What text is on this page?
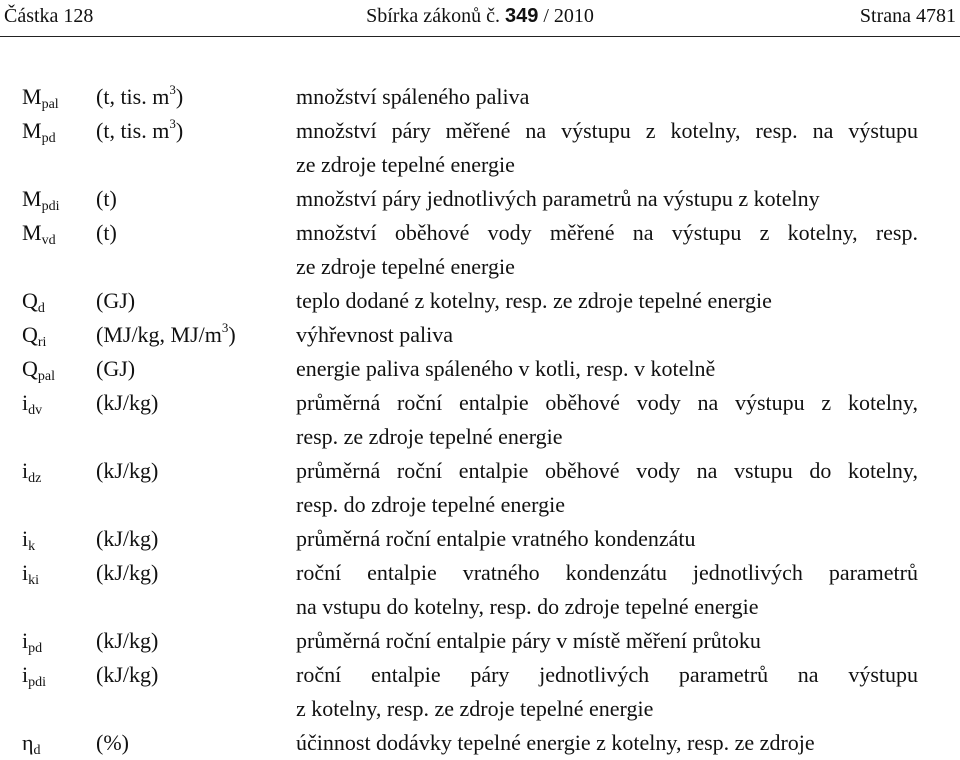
Částka 128	Sbírka zákonů č. 349 / 2010	Strana 4781
$M_{pal}$	(t, tis. $m^3$)	množství spáleného paliva
$M_{pd}$	(t, tis. $m^3$)	množství páry měřené na výstupu z kotelny, resp. na výstupu
ze zdroje tepelné energie
$M_{pdi}$	(t)	množství páry jednotlivých parametrů na výstupu z kotelny
$M_{vd}$	(t)	množství oběhové vody měřené na výstupu z kotelny, resp.
ze zdroje tepelné energie
$Q_d$	(GJ)	teplo dodané z kotelny, resp. ze zdroje tepelné energie
$Q_{ri}$	(MJ/kg, $MJ/m^3$)	výhřevnost paliva
$Q_{pal}$	(GJ)	energie paliva spáleného v kotli, resp. v kotelně
$i_{dv}$	(kJ/kg)	průměrná roční entalpie oběhové vody na výstupu z kotelny,
resp. ze zdroje tepelné energie
$i_{dz}$	(kJ/kg)	průměrná roční entalpie oběhové vody na vstupu do kotelny,
resp. do zdroje tepelné energie
$i_k$	(kJ/kg)	průměrná roční entalpie vratného kondenzátu
$i_{ki}$	(kJ/kg)	roční entalpie vratného kondenzátu jednotlivých parametrů
na vstupu do kotelny, resp. do zdroje tepelné energie
$i_{pd}$	(kJ/kg)	průměrná roční entalpie páry v místě měření průtoku
$i_{pdi}$	(kJ/kg)	roční entalpie páry jednotlivých parametrů na výstupu
z kotelny, resp. ze zdroje tepelné energie
$\eta_d$	(%)	účinnost dodávky tepelné energie z kotelny, resp. ze zdroje
